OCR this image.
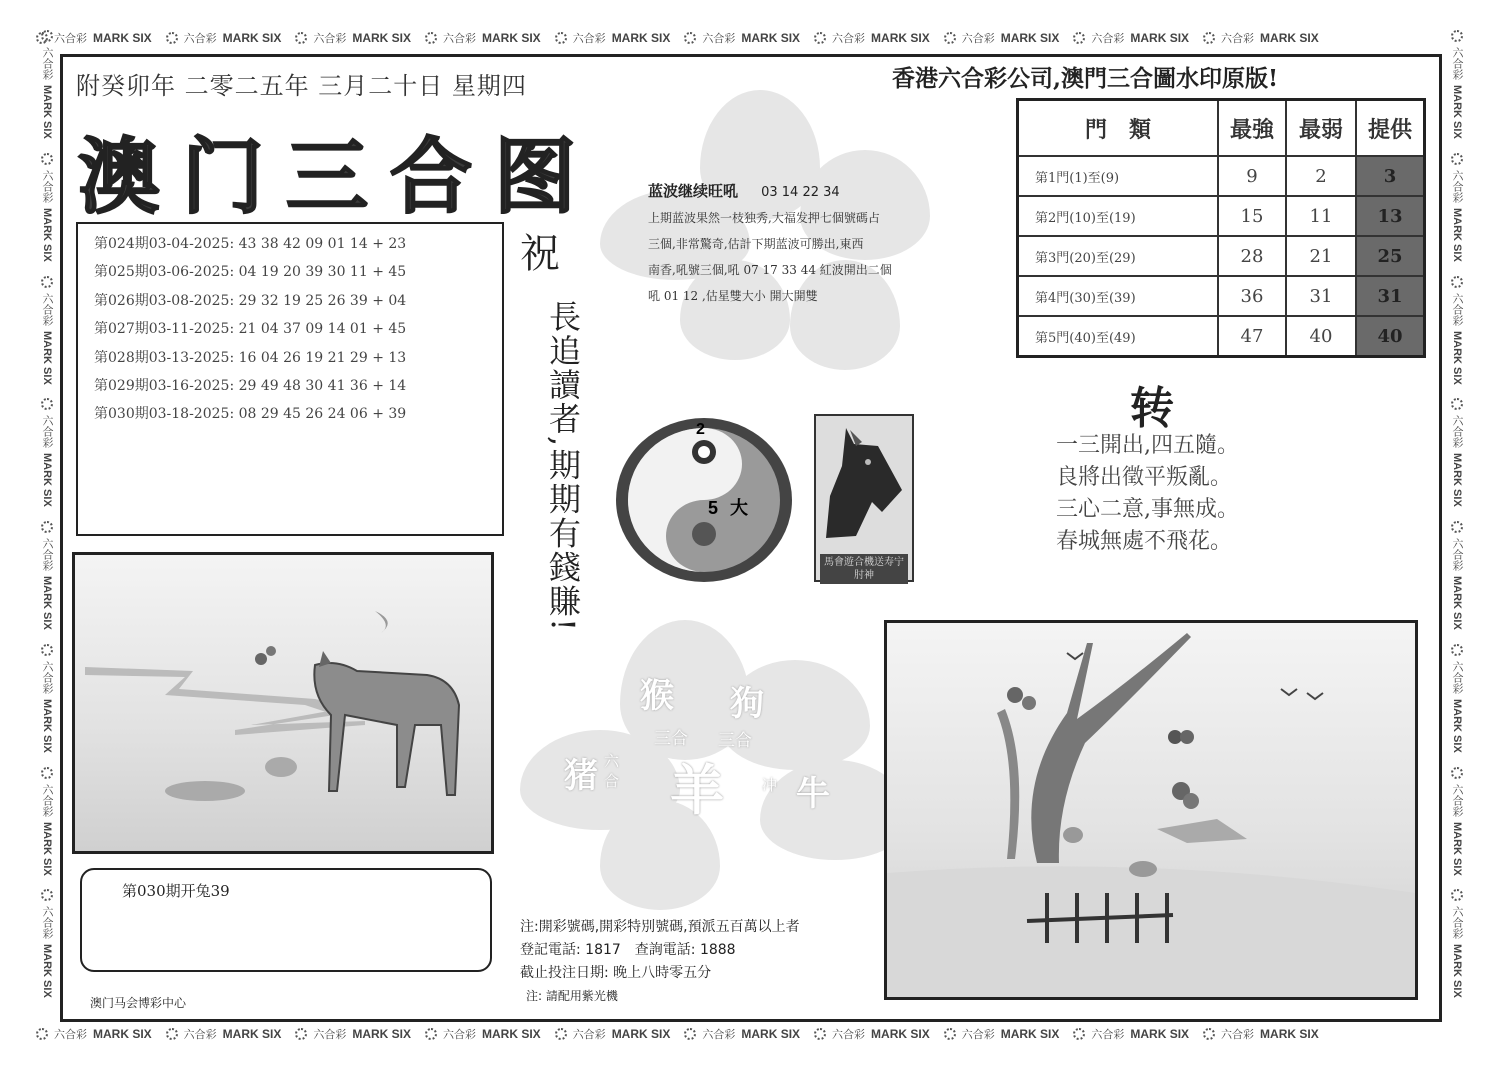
六合彩 MARK SIX	六合彩 MARK SIX	六合彩 MARK SIX	六合彩 MARK SIX	六合彩 MARK SIX	六合彩 MARK SIX	六合彩 MARK SIX	六合彩 MARK SIX	六合彩 MARK SIX	六合彩 MARK SIX
六合彩 MARK SIX	六合彩 MARK SIX	六合彩 MARK SIX	六合彩 MARK SIX	六合彩 MARK SIX	六合彩 MARK SIX	六合彩 MARK SIX	六合彩 MARK SIX	六合彩 MARK SIX	六合彩 MARK SIX
六合彩
MARK SIX
六合彩
MARK SIX
六合彩
MARK SIX
六合彩
MARK SIX
六合彩
MARK SIX
六合彩
MARK SIX
六合彩
MARK SIX
六合彩
MARK SIX
六合彩
MARK SIX
六合彩
MARK SIX
六合彩
MARK SIX
六合彩
MARK SIX
六合彩
MARK SIX
六合彩
MARK SIX
六合彩
MARK SIX
六合彩
MARK SIX
附癸卯年 二零二五年 三月二十日 星期四
澳门三合图
香港六合彩公司,澳門三合圖水印原版!
第024期03-04-2025: 43 38 42 09 01 14 + 23
第025期03-06-2025: 04 19 20 39 30 11 + 45
第026期03-08-2025: 29 32 19 25 26 39 + 04
第027期03-11-2025: 21 04 37 09 14 01 + 45
第028期03-13-2025: 16 04 26 19 21 29 + 13
第029期03-16-2025: 29 49 48 30 41 36 + 14
第030期03-18-2025: 08 29 45 26 24 06 + 39
祝
長追讀者,期期有錢賺!
蓝波继续旺吼 03 14 22 34
上期蓝波果然一枝独秀,大福发押七個號碼占
三個,非常驚奇,估計下期蓝波可勝出,東西
南香,吼號三個,吼 07 17 33 44 紅波開出二個
吼 01 12 ,估星雙大小 開大開雙
2
5 大
馬會遊合機送寿宁肘神
門　類	最強	最弱	提供
第1門(1)至(9)	9	2	3
第2門(10)至(19)	15	11	13
第3門(20)至(29)	28	21	25
第4門(30)至(39)	36	31	31
第5門(40)至(49)	47	40	40
转
一三開出,四五隨。
良將出徵平叛亂。
三心二意,事無成。
春城無處不飛花。
猴 狗
三合 三合
猪 六
合 羊	冲 牛
第030期开兔39
澳门马会博彩中心
注:開彩號碼,開彩特別號碼,預派五百萬以上者
登記電話: 1817　查詢電話: 1888
截止投注日期: 晚上八時零五分
注: 請配用紫光機
